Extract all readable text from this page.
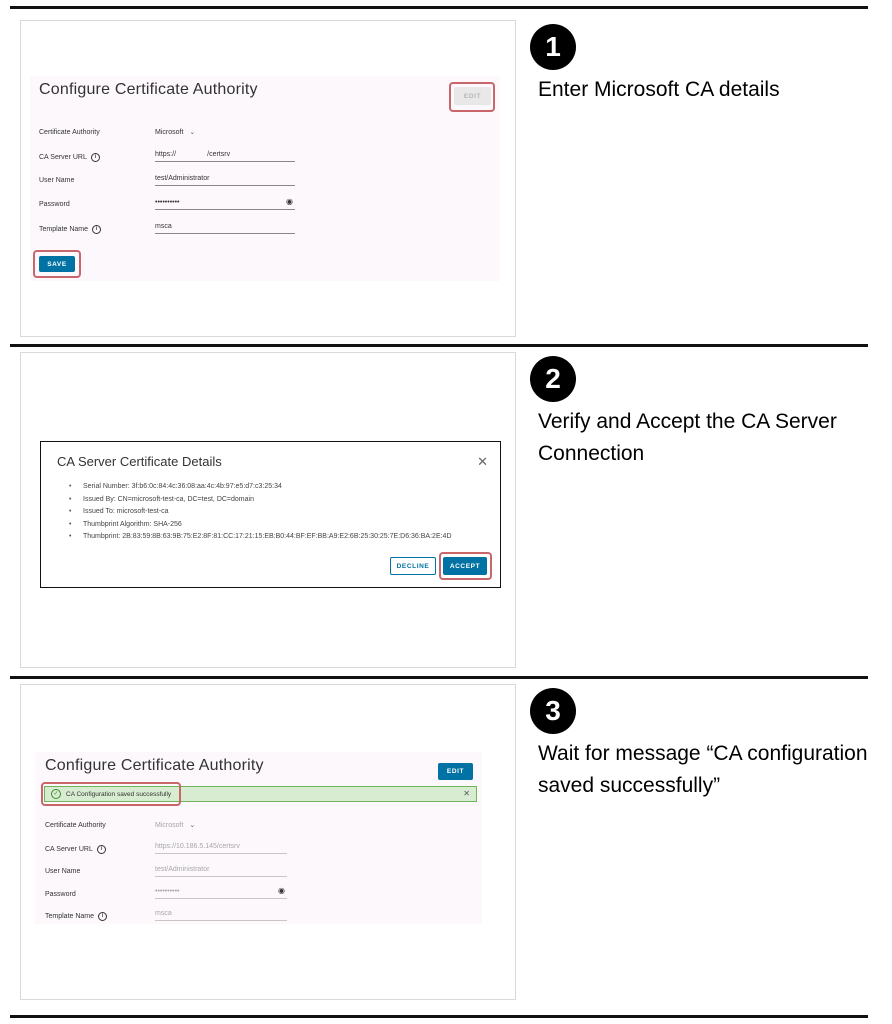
Configure Certificate Authority	EDIT
Certificate Authority	Microsoft ⌄
CA Server URL	i	https://                /certsrv
User Name	test/Administrator
Password	••••••••••	◉
Template Name	i	msca
SAVE
1
Enter Microsoft CA details
CA Server Certificate Details	✕
• Serial Number: 3f:b6:0c:84:4c:36:08:aa:4c:4b:97:e5:d7:c3:25:34
• Issued By: CN=microsoft-test-ca, DC=test, DC=domain
• Issued To: microsoft-test-ca
• Thumbprint Algorithm: SHA-256
• Thumbprint: 2B:83:59:8B:63:9B:75:E2:8F:81:CC:17:21:15:EB:B0:44:BF:EF:BB:A9:E2:6B:25:30:25:7E:D6:36:BA:2E:4D
DECLINE	ACCEPT
2
Verify and Accept the CA Server Connection
Configure Certificate Authority	EDIT
✓	CA Configuration saved successfully	✕
Certificate Authority	Microsoft ⌄
CA Server URL	i	https://10.186.5.145/certsrv
User Name	test/Administrator
Password	••••••••••	◉
Template Name	i	msca
3
Wait for message “CA configuration saved successfully”
